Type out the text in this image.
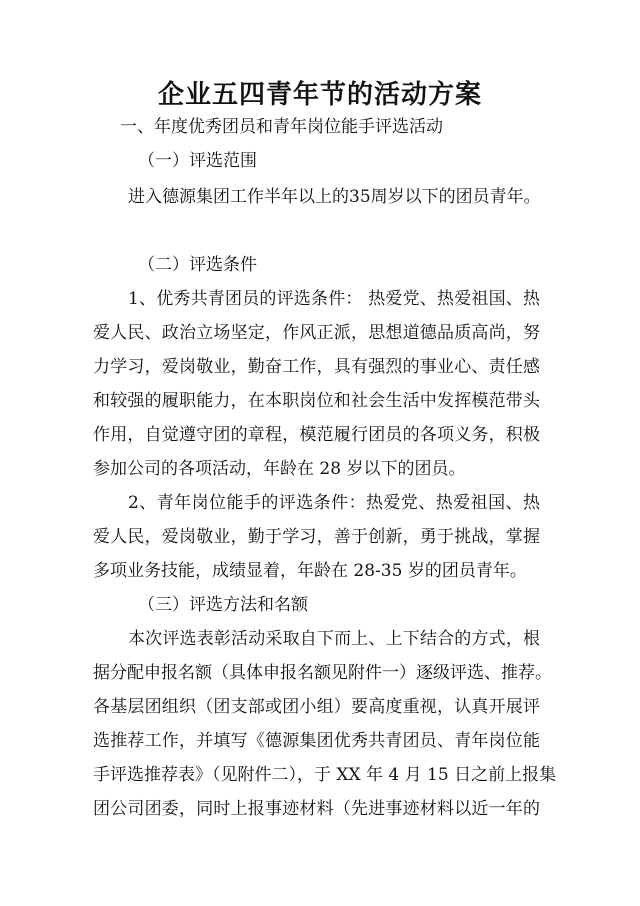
企业五四青年节的活动方案

一、年度优秀团员和青年岗位能手评选活动

（一）评选范围

进入德源集团工作半年以上的35周岁以下的团员青年。

（二）评选条件

1、优秀共青团员的评选条件： 热爱党、热爱祖国、热

爱人民、政治立场坚定，作风正派，思想道德品质高尚，努

力学习，爱岗敬业，勤奋工作，具有强烈的事业心、责任感

和较强的履职能力，在本职岗位和社会生活中发挥模范带头

作用，自觉遵守团的章程，模范履行团员的各项义务，积极

参加公司的各项活动，年龄在 28 岁以下的团员。

2、青年岗位能手的评选条件：热爱党、热爱祖国、热

爱人民，爱岗敬业，勤于学习，善于创新，勇于挑战，掌握

多项业务技能，成绩显着，年龄在 28-35 岁的团员青年。

（三）评选方法和名额

本次评选表彰活动采取自下而上、上下结合的方式，根

据分配申报名额（具体申报名额见附件一）逐级评选、推荐。

各基层团组织（团支部或团小组）要高度重视，认真开展评

选推荐工作，并填写《德源集团优秀共青团员、青年岗位能

手评选推荐表》（见附件二），于 XX 年 4 月 15 日之前上报集

团公司团委，同时上报事迹材料（先进事迹材料以近一年的
